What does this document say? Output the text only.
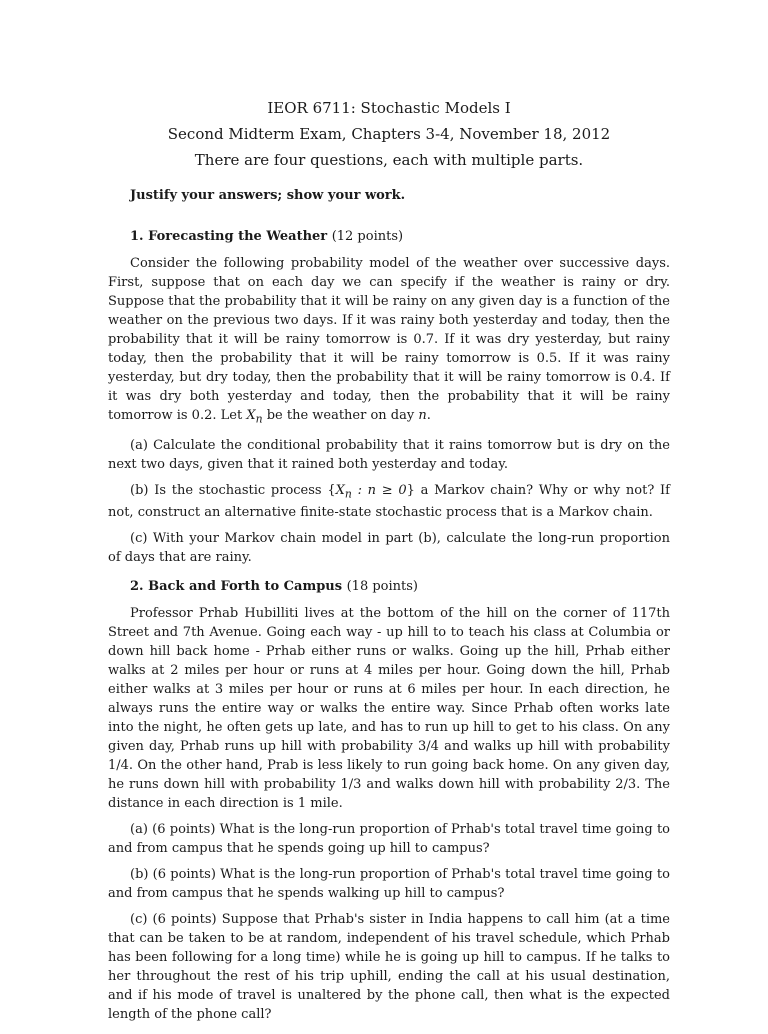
IEOR 6711: Stochastic Models I
Second Midterm Exam, Chapters 3-4, November 18, 2012
There are four questions, each with multiple parts.
Justify your answers; show your work.
1. Forecasting the Weather (12 points)

Consider the following probability model of the weather over successive days. First, suppose that on each day we can specify if the weather is rainy or dry. Suppose that the probability that it will be rainy on any given day is a function of the weather on the previous two days. If it was rainy both yesterday and today, then the probability that it will be rainy tomorrow is 0.7. If it was dry yesterday, but rainy today, then the probability that it will be rainy tomorrow is 0.5. If it was rainy yesterday, but dry today, then the probability that it will be rainy tomorrow is 0.4. If it was dry both yesterday and today, then the probability that it will be rainy tomorrow is 0.2. Let $X_n$ be the weather on day n.

(a) Calculate the conditional probability that it rains tomorrow but is dry on the next two days, given that it rained both yesterday and today.

(b) Is the stochastic process {$X_n$ : n ≥ 0} a Markov chain? Why or why not? If not, construct an alternative finite-state stochastic process that is a Markov chain.

(c) With your Markov chain model in part (b), calculate the long-run proportion of days that are rainy.

2. Back and Forth to Campus (18 points)

Professor Prhab Hubilliti lives at the bottom of the hill on the corner of 117th Street and 7th Avenue. Going each way - up hill to to teach his class at Columbia or down hill back home - Prhab either runs or walks. Going up the hill, Prhab either walks at 2 miles per hour or runs at 4 miles per hour. Going down the hill, Prhab either walks at 3 miles per hour or runs at 6 miles per hour. In each direction, he always runs the entire way or walks the entire way. Since Prhab often works late into the night, he often gets up late, and has to run up hill to get to his class. On any given day, Prhab runs up hill with probability 3/4 and walks up hill with probability 1/4. On the other hand, Prab is less likely to run going back home. On any given day, he runs down hill with probability 1/3 and walks down hill with probability 2/3. The distance in each direction is 1 mile.

(a) (6 points) What is the long-run proportion of Prhab's total travel time going to and from campus that he spends going up hill to campus?

(b) (6 points) What is the long-run proportion of Prhab's total travel time going to and from campus that he spends walking up hill to campus?

(c) (6 points) Suppose that Prhab's sister in India happens to call him (at a time that can be taken to be at random, independent of his travel schedule, which Prhab has been following for a long time) while he is going up hill to campus. If he talks to her throughout the rest of his trip uphill, ending the call at his usual destination, and if his mode of travel is unaltered by the phone call, then what is the expected length of the phone call?
